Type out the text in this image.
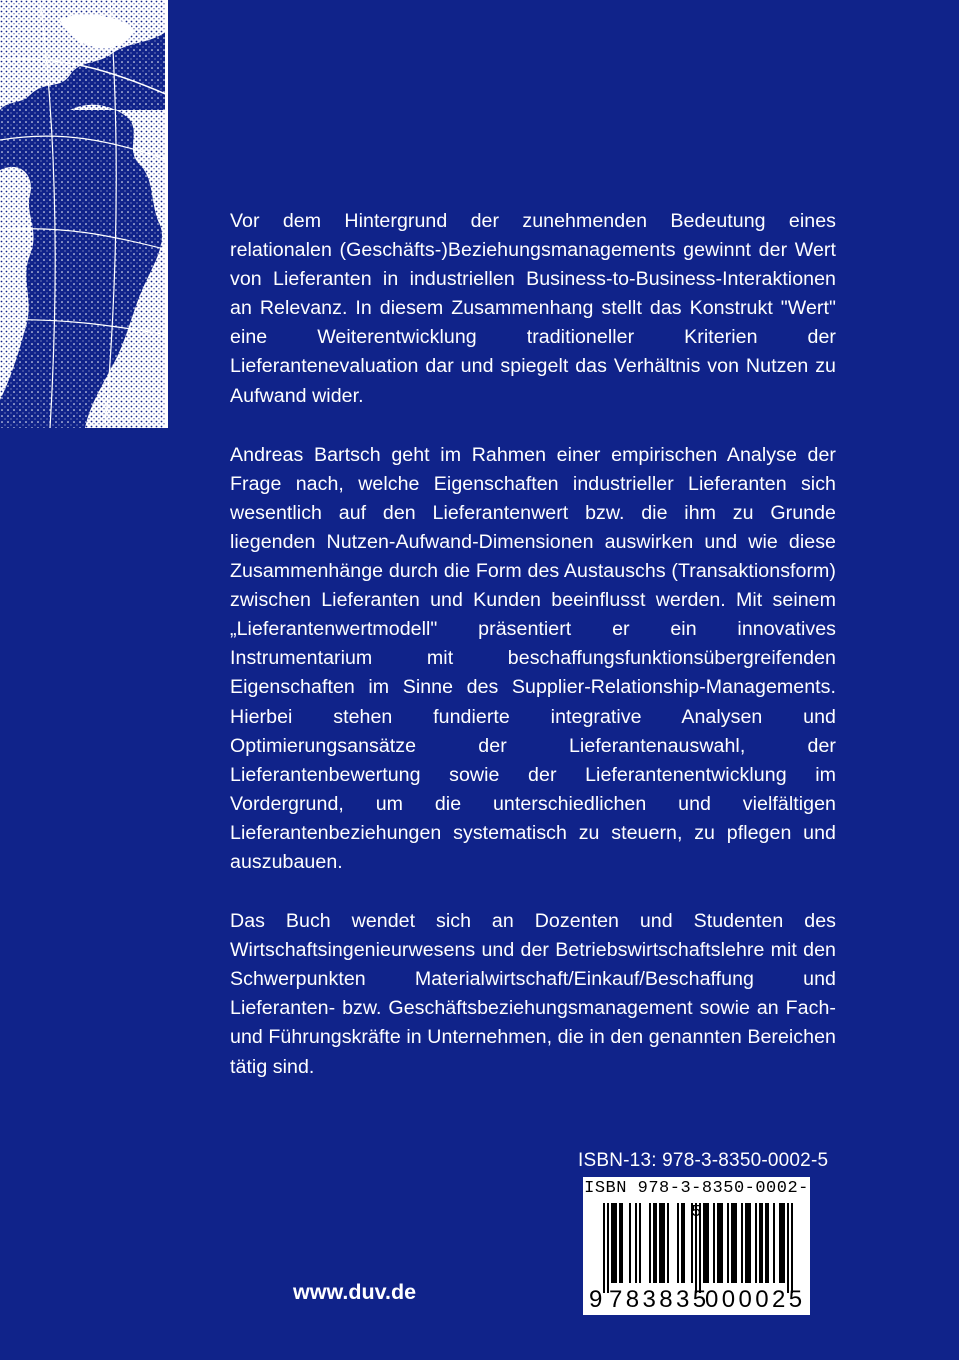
Vor dem Hintergrund der zunehmenden Bedeutung eines relationalen (Geschäfts-)Beziehungsmanagements gewinnt der Wert von Lieferanten in industriellen Business-to-Business-Interaktionen an Relevanz. In diesem Zusammenhang stellt das Konstrukt "Wert" eine Weiterentwicklung traditioneller Kriterien der Lieferantenevaluation dar und spiegelt das Verhältnis von Nutzen zu Aufwand wider.

Andreas Bartsch geht im Rahmen einer empirischen Analyse der Frage nach, welche Eigenschaften industrieller Lieferanten sich wesentlich auf den Lieferantenwert bzw. die ihm zu Grunde liegenden Nutzen-Aufwand-Dimensionen auswirken und wie diese Zusammenhänge durch die Form des Austauschs (Transaktionsform) zwischen Lieferanten und Kunden beeinflusst werden. Mit seinem „Lieferantenwertmodell" präsentiert er ein innovatives Instrumentarium mit beschaffungsfunktionsübergreifenden Eigenschaften im Sinne des Supplier-Relationship-Managements. Hierbei stehen fundierte integrative Analysen und Optimierungsansätze der Lieferantenauswahl, der Lieferantenbewertung sowie der Lieferantenentwicklung im Vordergrund, um die unterschiedlichen und vielfältigen Lieferantenbeziehungen systematisch zu steuern, zu pflegen und auszubauen.

Das Buch wendet sich an Dozenten und Studenten des Wirtschaftsingenieurwesens und der Betriebswirtschaftslehre mit den Schwerpunkten Materialwirtschaft/Einkauf/Beschaffung und Lieferanten- bzw. Geschäftsbeziehungsmanagement sowie an Fach- und Führungskräfte in Unternehmen, die in den genannten Bereichen tätig sind.

ISBN-13: 978-3-8350-0002-5
ISBN 978-3-8350-0002-5
9 783835
000025
www.duv.de
